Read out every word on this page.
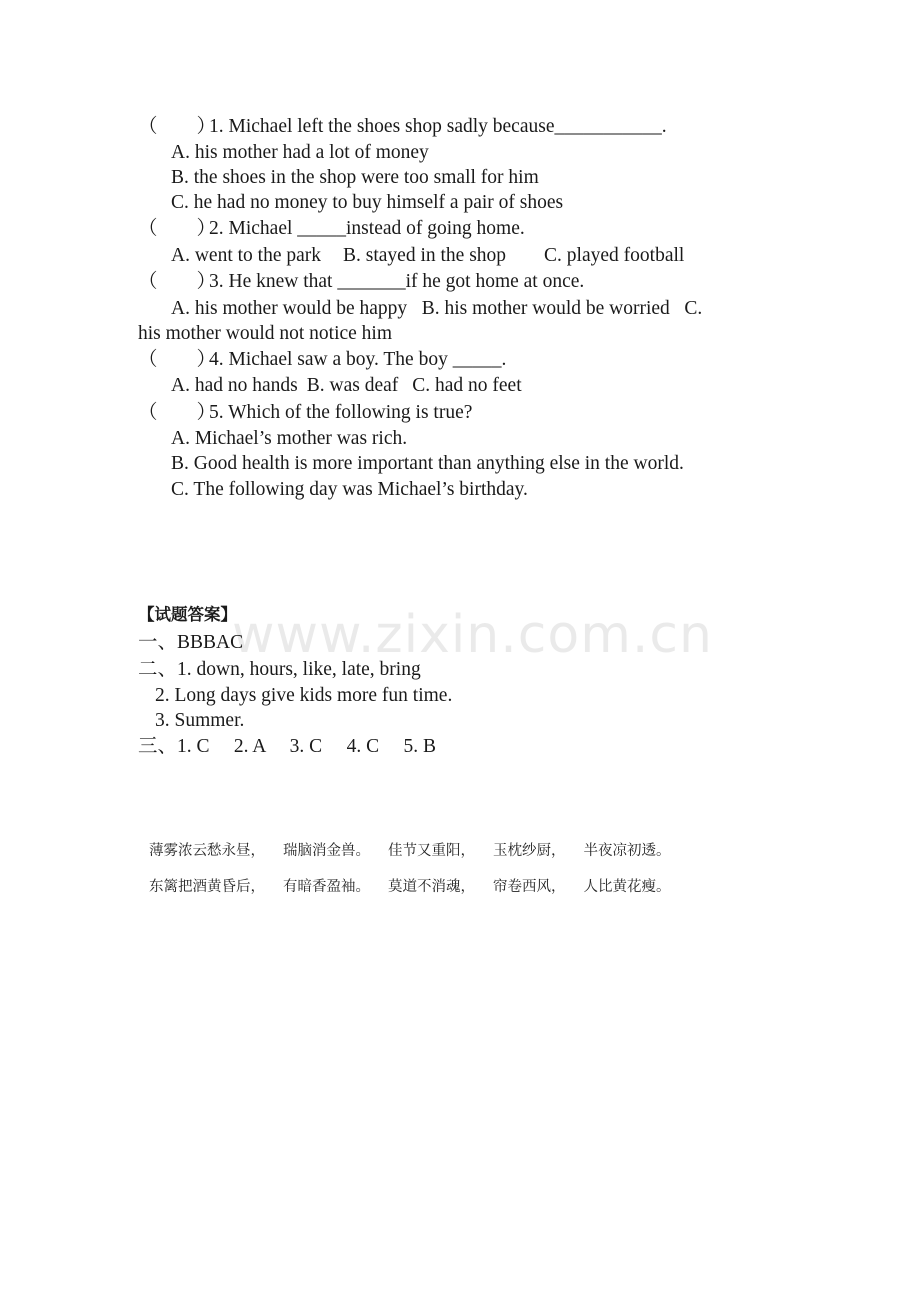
www.zixin.com.cn
（　　）1. Michael left the shoes shop sadly because___________.
A. his mother had a lot of money
B. the shoes in the shop were too small for him
C. he had no money to buy himself a pair of shoes
（　　）2. Michael _____instead of going home.
A. went to the park B. stayed in the shop C. played football
（　　）3. He knew that _______if he got home at once.
A. his mother would be happy   B. his mother would be worried   C.
his mother would not notice him
（　　）4. Michael saw a boy. The boy _____.
A. had no hands B. was deaf C. had no feet
（　　）5. Which of the following is true?
A. Michael’s mother was rich.
B. Good health is more important than anything else in the world.
C. The following day was Michael’s birthday.
【试题答案】
一、BBBAC
二、1. down, hours, like, late, bring
2. Long days give kids more fun time.
3. Summer.
三、1. C　 2. A　 3. C　 4. C　 5. B
薄雾浓云愁永昼， 瑞脑消金兽。 佳节又重阳， 玉枕纱厨， 半夜凉初透。
东篱把酒黄昏后， 有暗香盈袖。 莫道不消魂， 帘卷西风， 人比黄花瘦。
